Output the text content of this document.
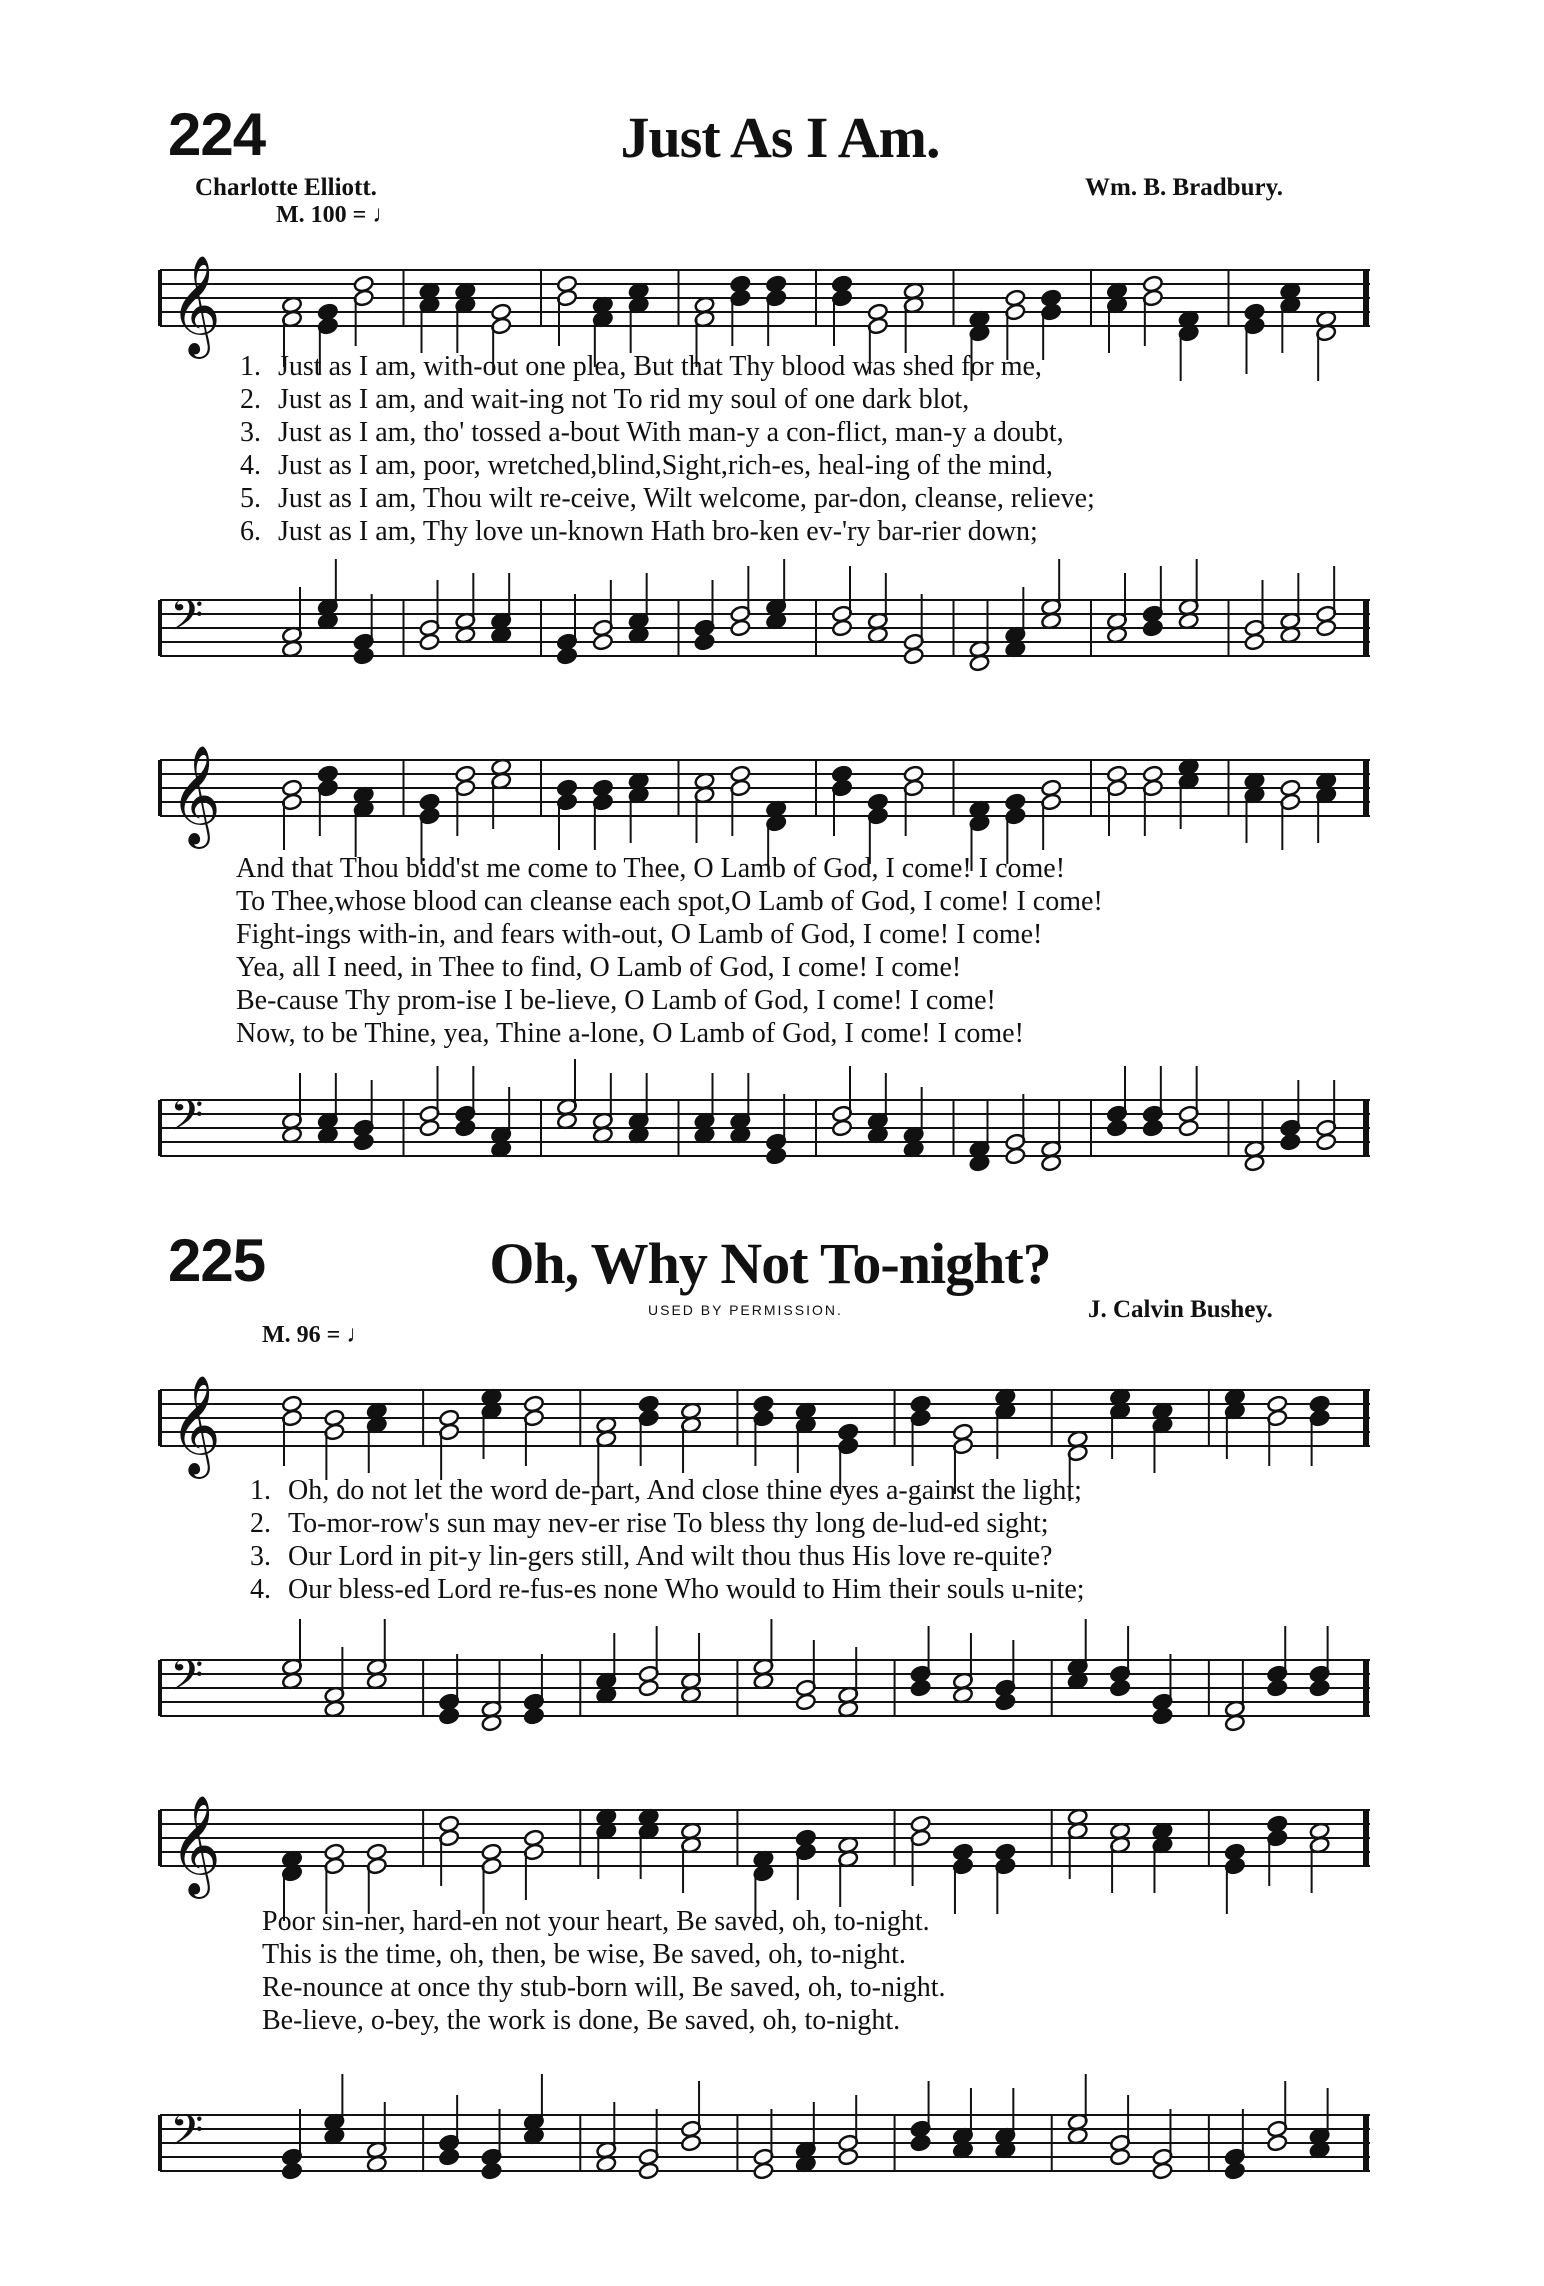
224	Just As I Am.
Charlotte Elliott.	Wm. B. Bradbury.
M. 100 = ♩
𝄞
1. Just as I am, with-out one plea, But that Thy blood was shed for me,
2. Just as I am, and wait-ing not To rid my soul of one dark blot,
3. Just as I am, tho' tossed a-bout With man-y a con-flict, man-y a doubt,
4. Just as I am, poor, wretched,blind,Sight,rich-es, heal-ing of the mind,
5. Just as I am, Thou wilt re-ceive, Wilt welcome, par-don, cleanse, relieve;
6. Just as I am, Thy love un-known Hath bro-ken ev-'ry bar-rier down;
𝄢
𝄞
And that Thou bidd'st me come to Thee, O Lamb of God, I come! I come!
To Thee,whose blood can cleanse each spot,O Lamb of God, I come! I come!
Fight-ings with-in, and fears with-out, O Lamb of God, I come! I come!
Yea, all I need, in Thee to find, O Lamb of God, I come! I come!
Be-cause Thy prom-ise I be-lieve, O Lamb of God, I come! I come!
Now, to be Thine, yea, Thine a-lone, O Lamb of God, I come! I come!
𝄢
225	Oh, Why Not To-night?
USED BY PERMISSION.	J. Calvin Bushey.
M. 96 = ♩
𝄞
1. Oh, do not let the word de-part, And close thine eyes a-gainst the light;
2. To-mor-row's sun may nev-er rise To bless thy long de-lud-ed sight;
3. Our Lord in pit-y lin-gers still, And wilt thou thus His love re-quite?
4. Our bless-ed Lord re-fus-es none Who would to Him their souls u-nite;
𝄢
𝄞
Poor sin-ner, hard-en not your heart, Be saved, oh, to-night.
This is the time, oh, then, be wise, Be saved, oh, to-night.
Re-nounce at once thy stub-born will, Be saved, oh, to-night.
Be-lieve, o-bey, the work is done, Be saved, oh, to-night.
𝄢
